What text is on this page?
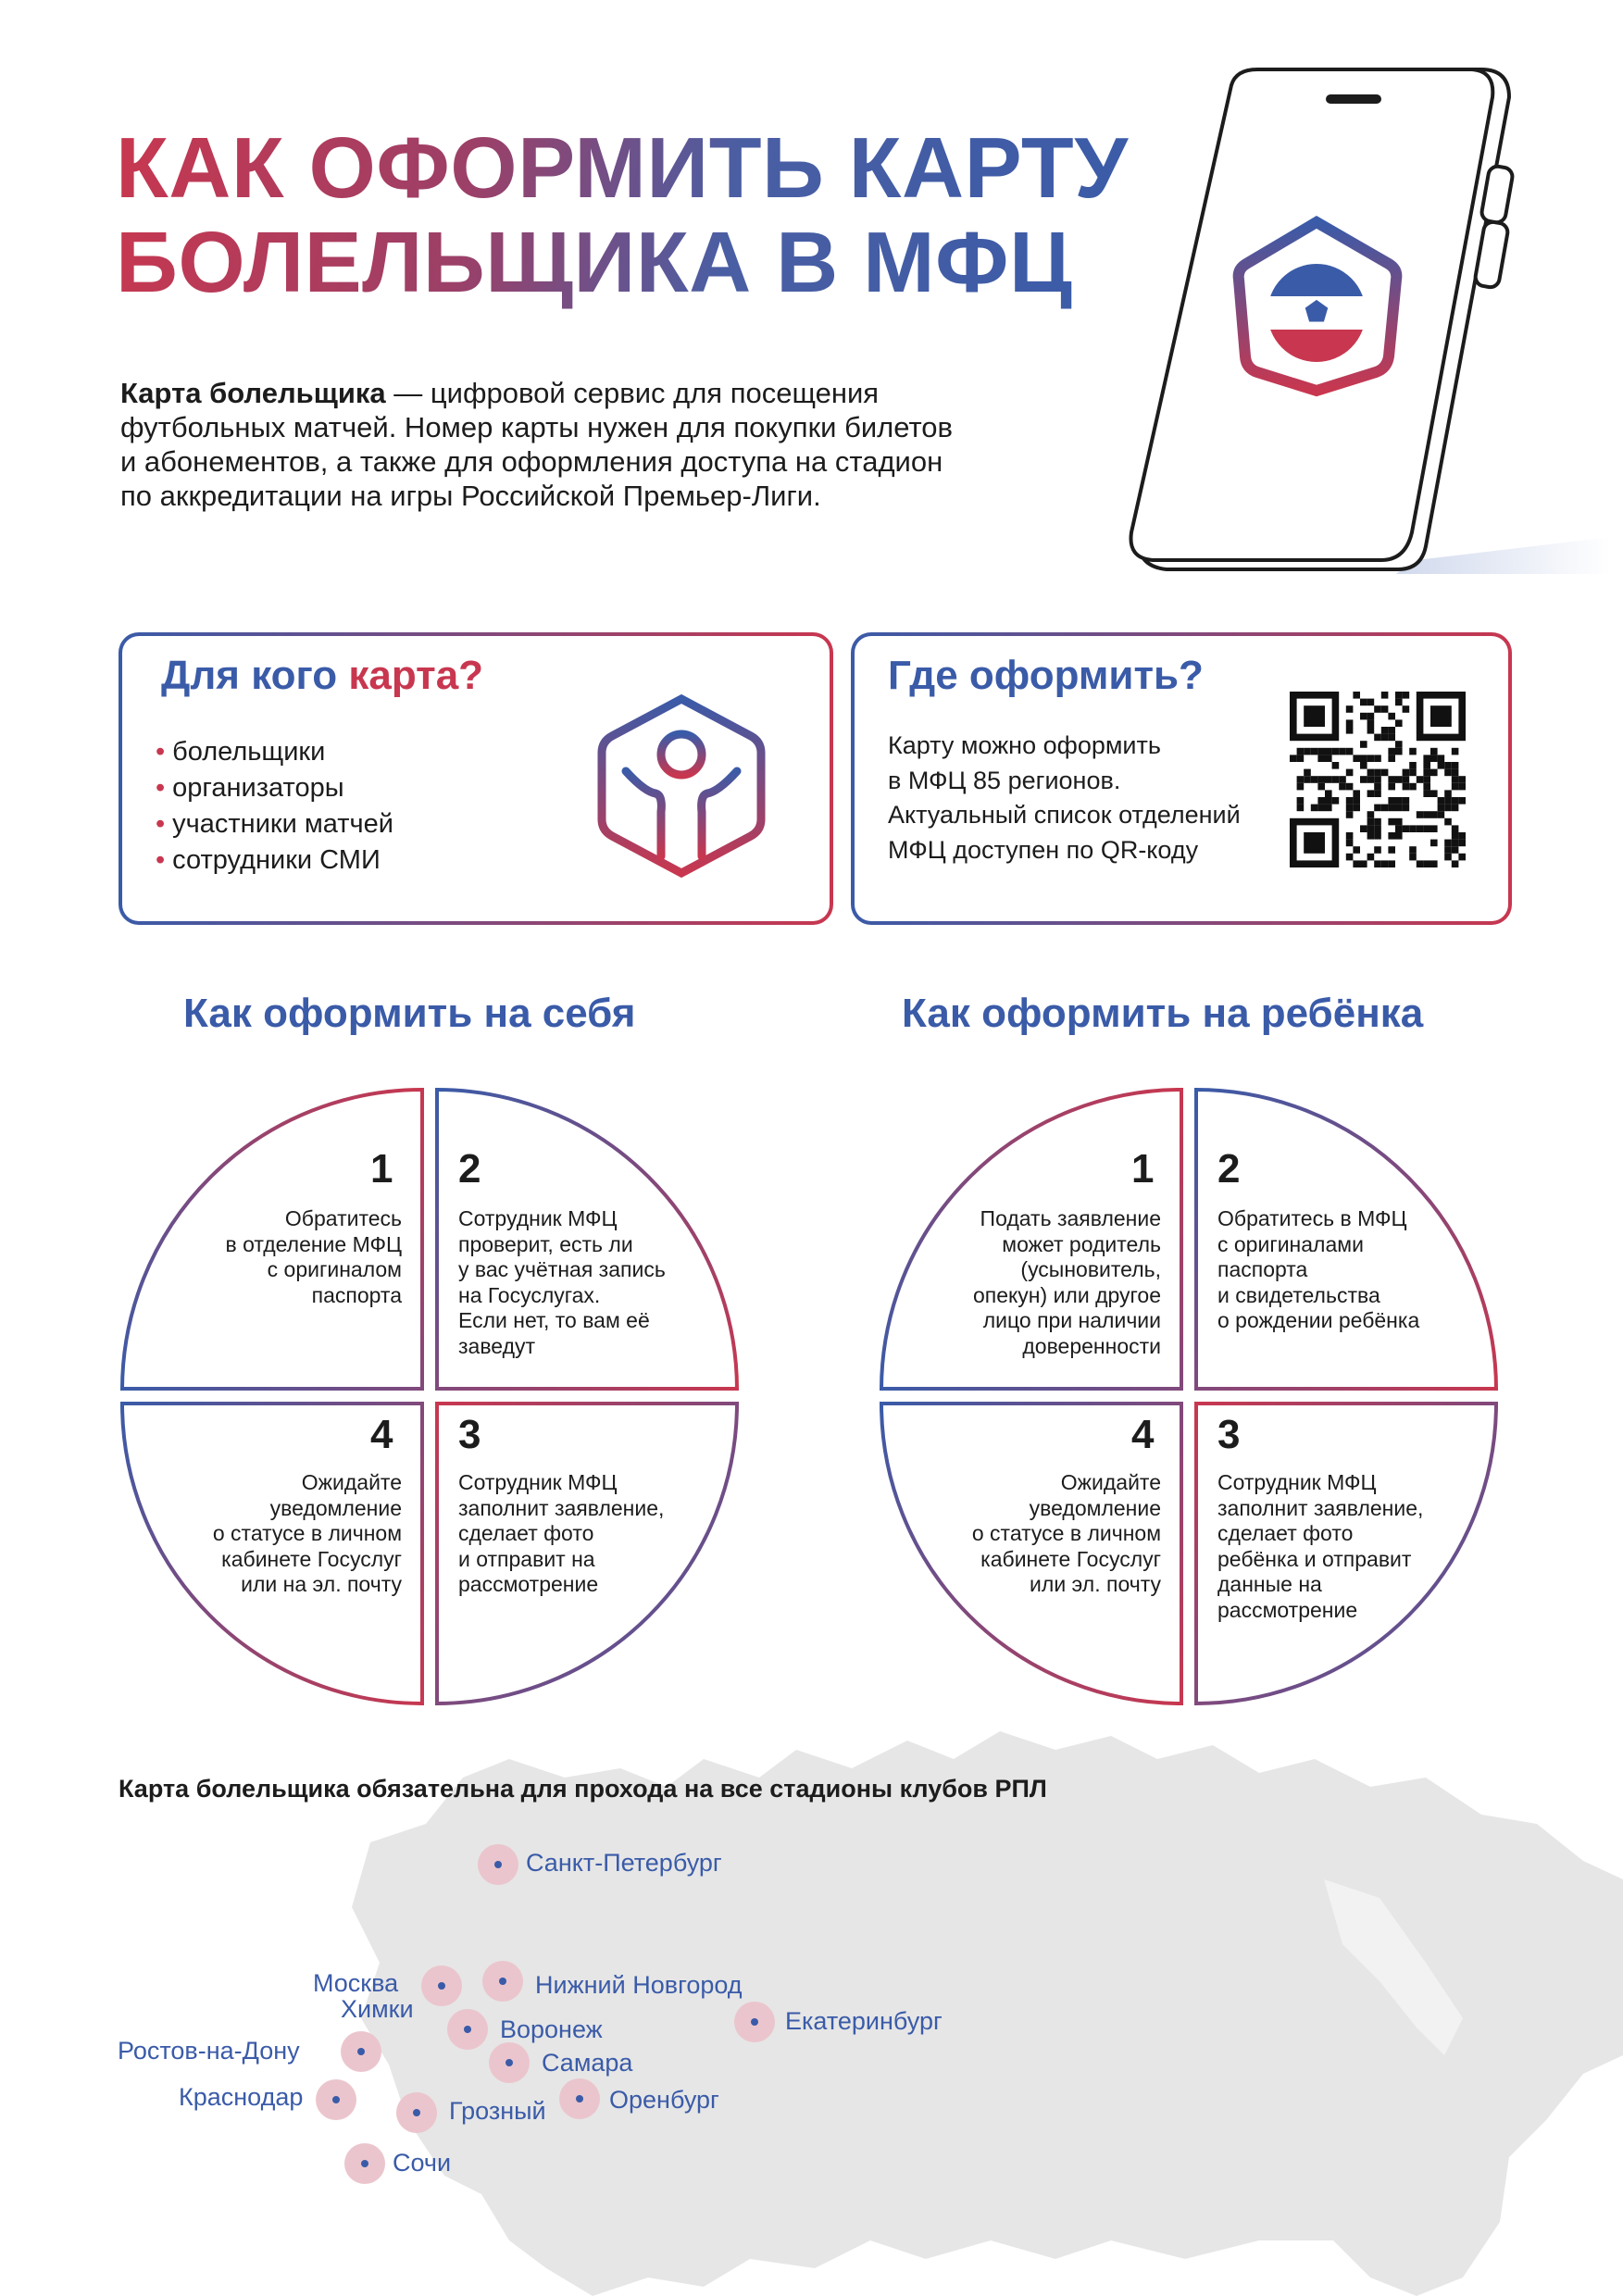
КАК ОФОРМИТЬ КАРТУ
БОЛЕЛЬЩИКА В МФЦ
Карта болельщика — цифровой сервис для посещения
футбольных матчей. Номер карты нужен для покупки билетов
и абонементов, а также для оформления доступа на стадион
по аккредитации на игры Российской Премьер-Лиги.
Для кого карта?
• болельщики
• организаторы
• участники матчей
• сотрудники СМИ
Где оформить?
Карту можно оформить
в МФЦ 85 регионов.
Актуальный список отделений
МФЦ доступен по QR-коду
Как оформить на себя	Как оформить на ребёнка
1
Обратитесь
в отделение МФЦ
с оригиналом
паспорта
2
Сотрудник МФЦ
проверит, есть ли
у вас учётная запись
на Госуслугах.
Если нет, то вам её
заведут
3
Сотрудник МФЦ
заполнит заявление,
сделает фото
и отправит на
рассмотрение
4
Ожидайте
уведомление
о статусе в личном
кабинете Госуслуг
или на эл. почту
1
Подать заявление
может родитель
(усыновитель,
опекун) или другое
лицо при наличии
доверенности
2
Обратитесь в МФЦ
с оригиналами
паспорта
и свидетельства
о рождении ребёнка
3
Сотрудник МФЦ
заполнит заявление,
сделает фото
ребёнка и отправит
данные на
рассмотрение
4
Ожидайте
уведомление
о статусе в личном
кабинете Госуслуг
или эл. почту
Карта болельщика обязательна для прохода на все стадионы клубов РПЛ
Санкт-Петербург
Москва
Химки
Нижний Новгород
Екатеринбург
Воронеж
Ростов-на-Дону	Самара
Краснодар	Грозный	Оренбург
Сочи
